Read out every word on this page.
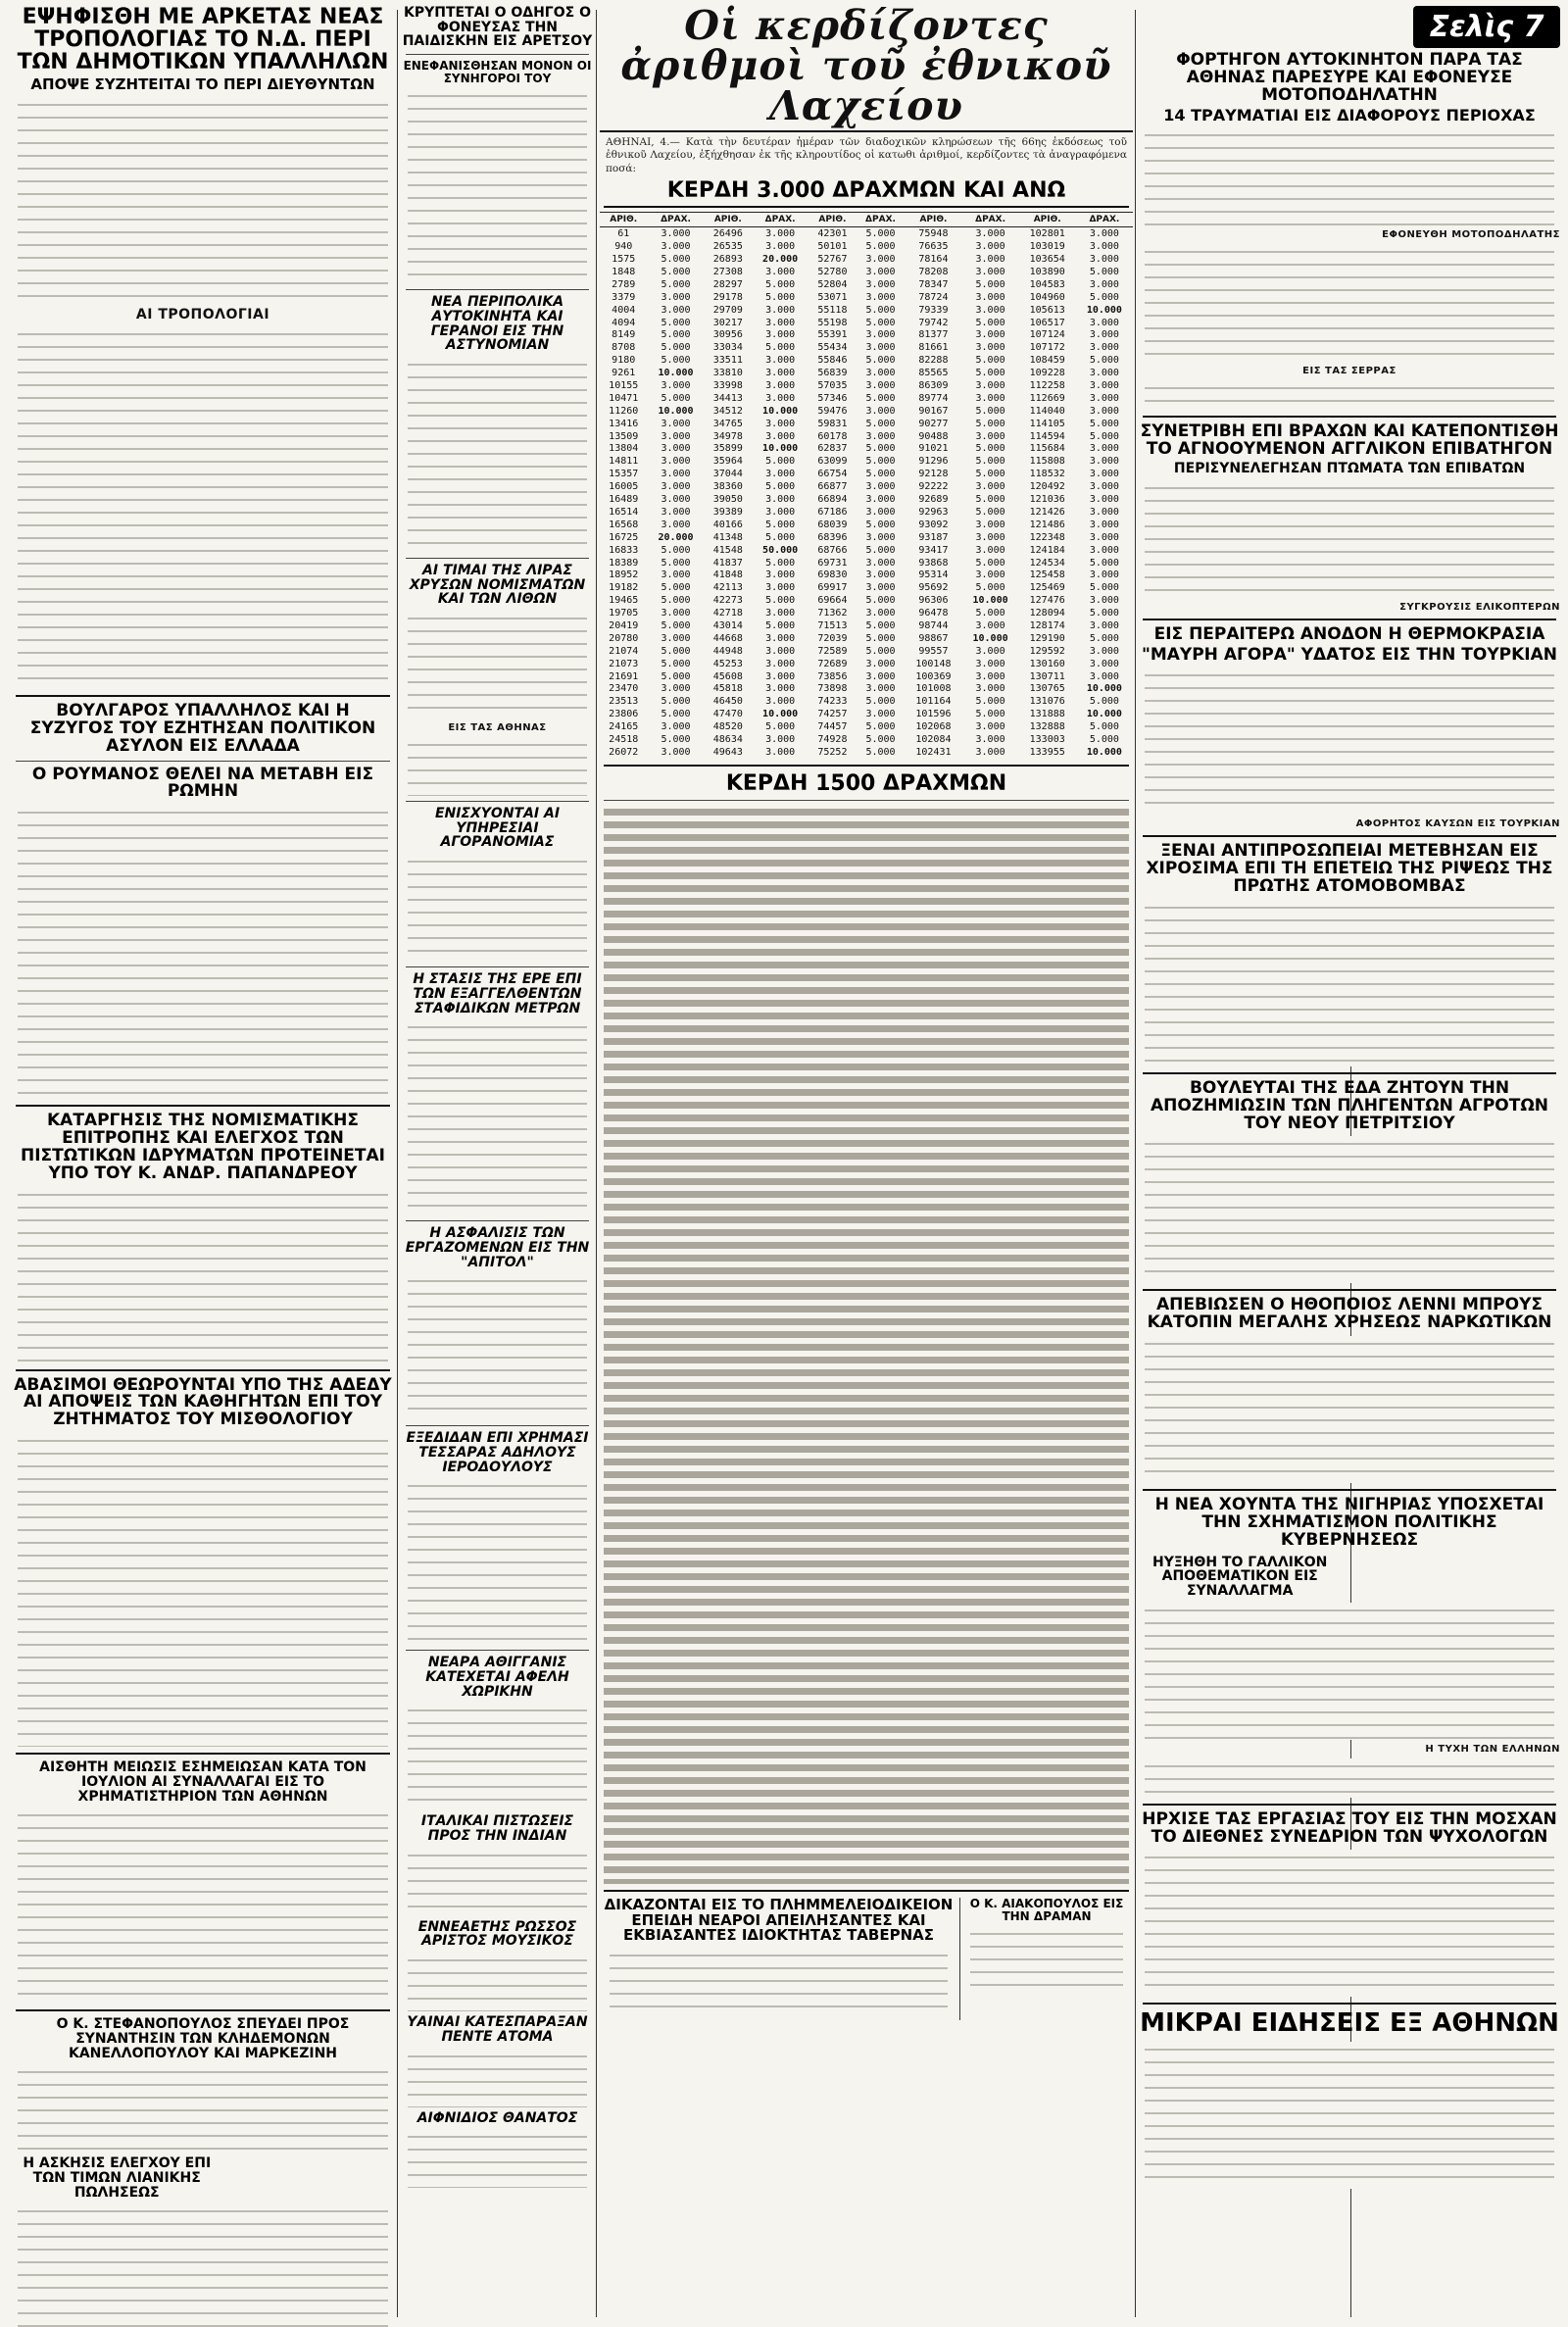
ΕΨΗΦΙΣΘΗ ΜΕ ΑΡΚΕΤΑΣ ΝΕΑΣ ΤΡΟΠΟΛΟΓΙΑΣ ΤΟ Ν.Δ. ΠΕΡΙ ΤΩΝ ΔΗΜΟΤΙΚΩΝ ΥΠΑΛΛΗΛΩΝ
ΑΠΟΨΕ ΣΥΖΗΤΕΙΤΑΙ ΤΟ ΠΕΡΙ ΔΙΕΥΘΥΝΤΩΝ
ΑΙ ΤΡΟΠΟΛΟΓΙΑΙ
ΒΟΥΛΓΑΡΟΣ ΥΠΑΛΛΗΛΟΣ ΚΑΙ Η ΣΥΖΥΓΟΣ ΤΟΥ ΕΖΗΤΗΣΑΝ ΠΟΛΙΤΙΚΟΝ ΑΣΥΛΟΝ ΕΙΣ ΕΛΛΑΔΑ
Ο ΡΟΥΜΑΝΟΣ ΘΕΛΕΙ ΝΑ ΜΕΤΑΒΗ ΕΙΣ ΡΩΜΗΝ
ΚΑΤΑΡΓΗΣΙΣ ΤΗΣ ΝΟΜΙΣΜΑΤΙΚΗΣ ΕΠΙΤΡΟΠΗΣ ΚΑΙ ΕΛΕΓΧΟΣ ΤΩΝ ΠΙΣΤΩΤΙΚΩΝ ΙΔΡΥΜΑΤΩΝ ΠΡΟΤΕΙΝΕΤΑΙ ΥΠΟ ΤΟΥ Κ. ΑΝΔΡ. ΠΑΠΑΝΔΡΕΟΥ
ΑΒΑΣΙΜΟΙ ΘΕΩΡΟΥΝΤΑΙ ΥΠΟ ΤΗΣ ΑΔΕΔΥ ΑΙ ΑΠΟΨΕΙΣ ΤΩΝ ΚΑΘΗΓΗΤΩΝ ΕΠΙ ΤΟΥ ΖΗΤΗΜΑΤΟΣ ΤΟΥ ΜΙΣΘΟΛΟΓΙΟΥ
ΑΙΣΘΗΤΗ ΜΕΙΩΣΙΣ ΕΣΗΜΕΙΩΣΑΝ ΚΑΤΑ ΤΟΝ ΙΟΥΛΙΟΝ ΑΙ ΣΥΝΑΛΛΑΓΑΙ ΕΙΣ ΤΟ ΧΡΗΜΑΤΙΣΤΗΡΙΟΝ ΤΩΝ ΑΘΗΝΩΝ
Ο Κ. ΣΤΕΦΑΝΟΠΟΥΛΟΣ ΣΠΕΥΔΕΙ ΠΡΟΣ ΣΥΝΑΝΤΗΣΙΝ ΤΩΝ ΚΛΗΔΕΜΟΝΩΝ ΚΑΝΕΛΛΟΠΟΥΛΟΥ ΚΑΙ ΜΑΡΚΕΖΙΝΗ
Η ΑΣΚΗΣΙΣ ΕΛΕΓΧΟΥ ΕΠΙ ΤΩΝ ΤΙΜΩΝ ΛΙΑΝΙΚΗΣ ΠΩΛΗΣΕΩΣ
ΚΡΥΠΤΕΤΑΙ Ο ΟΔΗΓΟΣ Ο ΦΟΝΕΥΣΑΣ ΤΗΝ ΠΑΙΔΙΣΚΗΝ ΕΙΣ ΑΡΕΤΣΟΥ
ΕΝΕΦΑΝΙΣΘΗΣΑΝ ΜΟΝΟΝ ΟΙ ΣΥΝΗΓΟΡΟΙ ΤΟΥ
ΝΕΑ ΠΕΡΙΠΟΛΙΚΑ ΑΥΤΟΚΙΝΗΤΑ ΚΑΙ ΓΕΡΑΝΟΙ ΕΙΣ ΤΗΝ ΑΣΤΥΝΟΜΙΑΝ
ΑΙ ΤΙΜΑΙ ΤΗΣ ΛΙΡΑΣ ΧΡΥΣΩΝ ΝΟΜΙΣΜΑΤΩΝ ΚΑΙ ΤΩΝ ΛΙΘΩΝ
ΕΙΣ ΤΑΣ ΑΘΗΝΑΣ
ΕΝΙΣΧΥΟΝΤΑΙ ΑΙ ΥΠΗΡΕΣΙΑΙ ΑΓΟΡΑΝΟΜΙΑΣ
Η ΣΤΑΣΙΣ ΤΗΣ ΕΡΕ ΕΠΙ ΤΩΝ ΕΞΑΓΓΕΛΘΕΝΤΩΝ ΣΤΑΦΙΔΙΚΩΝ ΜΕΤΡΩΝ
Η ΑΣΦΑΛΙΣΙΣ ΤΩΝ ΕΡΓΑΖΟΜΕΝΩΝ ΕΙΣ ΤΗΝ "ΑΠΙΤΟΛ"
ΕΞΕΔΙΔΑΝ ΕΠΙ ΧΡΗΜΑΣΙ ΤΕΣΣΑΡΑΣ ΑΔΗΛΟΥΣ ΙΕΡΟΔΟΥΛΟΥΣ
ΝΕΑΡΑ ΑΘΙΓΓΑΝΙΣ ΚΑΤΕΧΕΤΑΙ ΑΦΕΛΗ ΧΩΡΙΚΗΝ
ΙΤΑΛΙΚΑΙ ΠΙΣΤΩΣΕΙΣ ΠΡΟΣ ΤΗΝ ΙΝΔΙΑΝ
ΕΝΝΕΑΕΤΗΣ ΡΩΣΣΟΣ ΑΡΙΣΤΟΣ ΜΟΥΣΙΚΟΣ
ΥΑΙΝΑΙ ΚΑΤΕΣΠΑΡΑΞΑΝ ΠΕΝΤΕ ΑΤΟΜΑ
ΑΙΦΝΙΔΙΟΣ ΘΑΝΑΤΟΣ
Οἱ κερδίζοντες ἀριθμοὶ τοῦ ἐθνικοῦ Λαχείου
ΑΘΗΝΑΙ, 4.— Κατὰ τὴν δευτέραν ἡμέραν τῶν διαδοχικῶν κληρώσεων τῆς 66ης ἐκδόσεως τοῦ ἐθνικοῦ Λαχείου, ἐξήχθησαν ἐκ τῆς κληρουτίδος οἱ κατωθι ἀριθμοί, κερδίζοντες τὰ ἀναγραφόμενα ποσά:
ΚΕΡΔΗ 3.000 ΔΡΑΧΜΩΝ ΚΑΙ ΑΝΩ
ΑΡΙΘ.	ΔΡΑΧ.	ΑΡΙΘ.	ΔΡΑΧ.	ΑΡΙΘ.	ΔΡΑΧ.	ΑΡΙΘ.	ΔΡΑΧ.	ΑΡΙΘ.	ΔΡΑΧ.
61	3.000	26496	3.000	42301	5.000	75948	3.000	102801	3.000
940	3.000	26535	3.000	50101	5.000	76635	3.000	103019	3.000
1575	5.000	26893	20.000	52767	3.000	78164	3.000	103654	3.000
1848	5.000	27308	3.000	52780	3.000	78208	3.000	103890	5.000
2789	5.000	28297	5.000	52804	3.000	78347	5.000	104583	3.000
3379	3.000	29178	5.000	53071	3.000	78724	3.000	104960	5.000
4004	3.000	29709	3.000	55118	5.000	79339	3.000	105613	10.000
4094	5.000	30217	3.000	55198	5.000	79742	5.000	106517	3.000
8149	5.000	30956	3.000	55391	3.000	81377	3.000	107124	3.000
8708	5.000	33034	5.000	55434	3.000	81661	3.000	107172	3.000
9180	5.000	33511	3.000	55846	5.000	82288	5.000	108459	5.000
9261	10.000	33810	3.000	56839	3.000	85565	5.000	109228	3.000
10155	3.000	33998	3.000	57035	3.000	86309	3.000	112258	3.000
10471	5.000	34413	3.000	57346	5.000	89774	3.000	112669	3.000
11260	10.000	34512	10.000	59476	3.000	90167	5.000	114040	3.000
13416	3.000	34765	3.000	59831	5.000	90277	5.000	114105	5.000
13509	3.000	34978	3.000	60178	3.000	90488	3.000	114594	5.000
13804	3.000	35899	10.000	62837	5.000	91021	5.000	115684	3.000
14811	3.000	35964	5.000	63099	5.000	91296	5.000	115808	3.000
15357	3.000	37044	3.000	66754	5.000	92128	5.000	118532	3.000
16005	3.000	38360	5.000	66877	3.000	92222	3.000	120492	3.000
16489	3.000	39050	3.000	66894	3.000	92689	5.000	121036	3.000
16514	3.000	39389	3.000	67186	3.000	92963	5.000	121426	3.000
16568	3.000	40166	5.000	68039	5.000	93092	3.000	121486	3.000
16725	20.000	41348	5.000	68396	3.000	93187	3.000	122348	3.000
16833	5.000	41548	50.000	68766	5.000	93417	3.000	124184	3.000
18389	5.000	41837	5.000	69731	3.000	93868	5.000	124534	5.000
18952	3.000	41848	3.000	69830	3.000	95314	3.000	125458	3.000
19182	5.000	42113	3.000	69917	3.000	95692	5.000	125469	5.000
19465	5.000	42273	5.000	69664	5.000	96306	10.000	127476	3.000
19705	3.000	42718	3.000	71362	3.000	96478	5.000	128094	5.000
20419	5.000	43014	5.000	71513	5.000	98744	3.000	128174	3.000
20780	3.000	44668	3.000	72039	5.000	98867	10.000	129190	5.000
21074	5.000	44948	3.000	72589	5.000	99557	3.000	129592	3.000
21073	5.000	45253	3.000	72689	3.000	100148	3.000	130160	3.000
21691	5.000	45608	3.000	73856	3.000	100369	3.000	130711	3.000
23470	3.000	45818	3.000	73898	3.000	101008	3.000	130765	10.000
23513	5.000	46450	3.000	74233	5.000	101164	5.000	131076	5.000
23806	5.000	47470	10.000	74257	3.000	101596	5.000	131888	10.000
24165	3.000	48520	5.000	74457	5.000	102068	3.000	132888	5.000
24518	5.000	48634	3.000	74928	5.000	102084	3.000	133003	5.000
26072	3.000	49643	3.000	75252	5.000	102431	3.000	133955	10.000
ΚΕΡΔΗ 1500 ΔΡΑΧΜΩΝ
ΔΙΚΑΖΟΝΤΑΙ ΕΙΣ ΤΟ ΠΛΗΜΜΕΛΕΙΟΔΙΚΕΙΟΝ ΕΠΕΙΔΗ ΝΕΑΡΟΙ ΑΠΕΙΛΗΣΑΝΤΕΣ ΚΑΙ ΕΚΒΙΑΣΑΝΤΕΣ ΙΔΙΟΚΤΗΤΑΣ ΤΑΒΕΡΝΑΣ
Ο Κ. ΑΙΑΚΟΠΟΥΛΟΣ ΕΙΣ ΤΗΝ ΔΡΑΜΑΝ
Σελὶς 7
ΦΟΡΤΗΓΟΝ ΑΥΤΟΚΙΝΗΤΟΝ ΠΑΡΑ ΤΑΣ ΑΘΗΝΑΣ ΠΑΡΕΣΥΡΕ ΚΑΙ ΕΦΟΝΕΥΣΕ ΜΟΤΟΠΟΔΗΛΑΤΗΝ
14 ΤΡΑΥΜΑΤΙΑΙ ΕΙΣ ΔΙΑΦΟΡΟΥΣ ΠΕΡΙΟΧΑΣ
ΕΦΟΝΕΥΘΗ ΜΟΤΟΠΟΔΗΛΑΤΗΣ
ΕΙΣ ΤΑΣ ΣΕΡΡΑΣ
ΣΥΝΕΤΡΙΒΗ ΕΠΙ ΒΡΑΧΩΝ ΚΑΙ ΚΑΤΕΠΟΝΤΙΣΘΗ ΤΟ ΑΓΝΟΟΥΜΕΝΟΝ ΑΓΓΛΙΚΟΝ ΕΠΙΒΑΤΗΓΟΝ
ΠΕΡΙΣΥΝΕΛΕΓΗΣΑΝ ΠΤΩΜΑΤΑ ΤΩΝ ΕΠΙΒΑΤΩΝ
ΣΥΓΚΡΟΥΣΙΣ ΕΛΙΚΟΠΤΕΡΩΝ
ΕΙΣ ΠΕΡΑΙΤΕΡΩ ΑΝΟΔΟΝ Η ΘΕΡΜΟΚΡΑΣΙΑ
"ΜΑΥΡΗ ΑΓΟΡΑ" ΥΔΑΤΟΣ ΕΙΣ ΤΗΝ ΤΟΥΡΚΙΑΝ
ΑΦΟΡΗΤΟΣ ΚΑΥΣΩΝ ΕΙΣ ΤΟΥΡΚΙΑΝ
ΞΕΝΑΙ ΑΝΤΙΠΡΟΣΩΠΕΙΑΙ ΜΕΤΕΒΗΣΑΝ ΕΙΣ ΧΙΡΟΣΙΜΑ ΕΠΙ ΤΗ ΕΠΕΤΕΙΩ ΤΗΣ ΡΙΨΕΩΣ ΤΗΣ ΠΡΩΤΗΣ ΑΤΟΜΟΒΟΜΒΑΣ
ΒΟΥΛΕΥΤΑΙ ΤΗΣ ΕΔΑ ΖΗΤΟΥΝ ΤΗΝ ΑΠΟΖΗΜΙΩΣΙΝ ΤΩΝ ΠΛΗΓΕΝΤΩΝ ΑΓΡΟΤΩΝ ΤΟΥ ΝΕΟΥ ΠΕΤΡΙΤΣΙΟΥ
ΑΠΕΒΙΩΣΕΝ Ο ΗΘΟΠΟΙΟΣ ΛΕΝΝΙ ΜΠΡΟΥΣ ΚΑΤΟΠΙΝ ΜΕΓΑΛΗΣ ΧΡΗΣΕΩΣ ΝΑΡΚΩΤΙΚΩΝ
Η ΝΕΑ ΧΟΥΝΤΑ ΤΗΣ ΝΙΓΗΡΙΑΣ ΥΠΟΣΧΕΤΑΙ ΤΗΝ ΣΧΗΜΑΤΙΣΜΟΝ ΠΟΛΙΤΙΚΗΣ ΚΥΒΕΡΝΗΣΕΩΣ
ΗΥΞΗΘΗ ΤΟ ΓΑΛΛΙΚΟΝ ΑΠΟΘΕΜΑΤΙΚΟΝ ΕΙΣ ΣΥΝΑΛΛΑΓΜΑ
Η ΤΥΧΗ ΤΩΝ ΕΛΛΗΝΩΝ
ΗΡΧΙΣΕ ΤΑΣ ΕΡΓΑΣΙΑΣ ΤΟΥ ΕΙΣ ΤΗΝ ΜΟΣΧΑΝ ΤΟ ΔΙΕΘΝΕΣ ΣΥΝΕΔΡΙΟΝ ΤΩΝ ΨΥΧΟΛΟΓΩΝ
ΜΙΚΡΑΙ ΕΙΔΗΣΕΙΣ ΕΞ ΑΘΗΝΩΝ
